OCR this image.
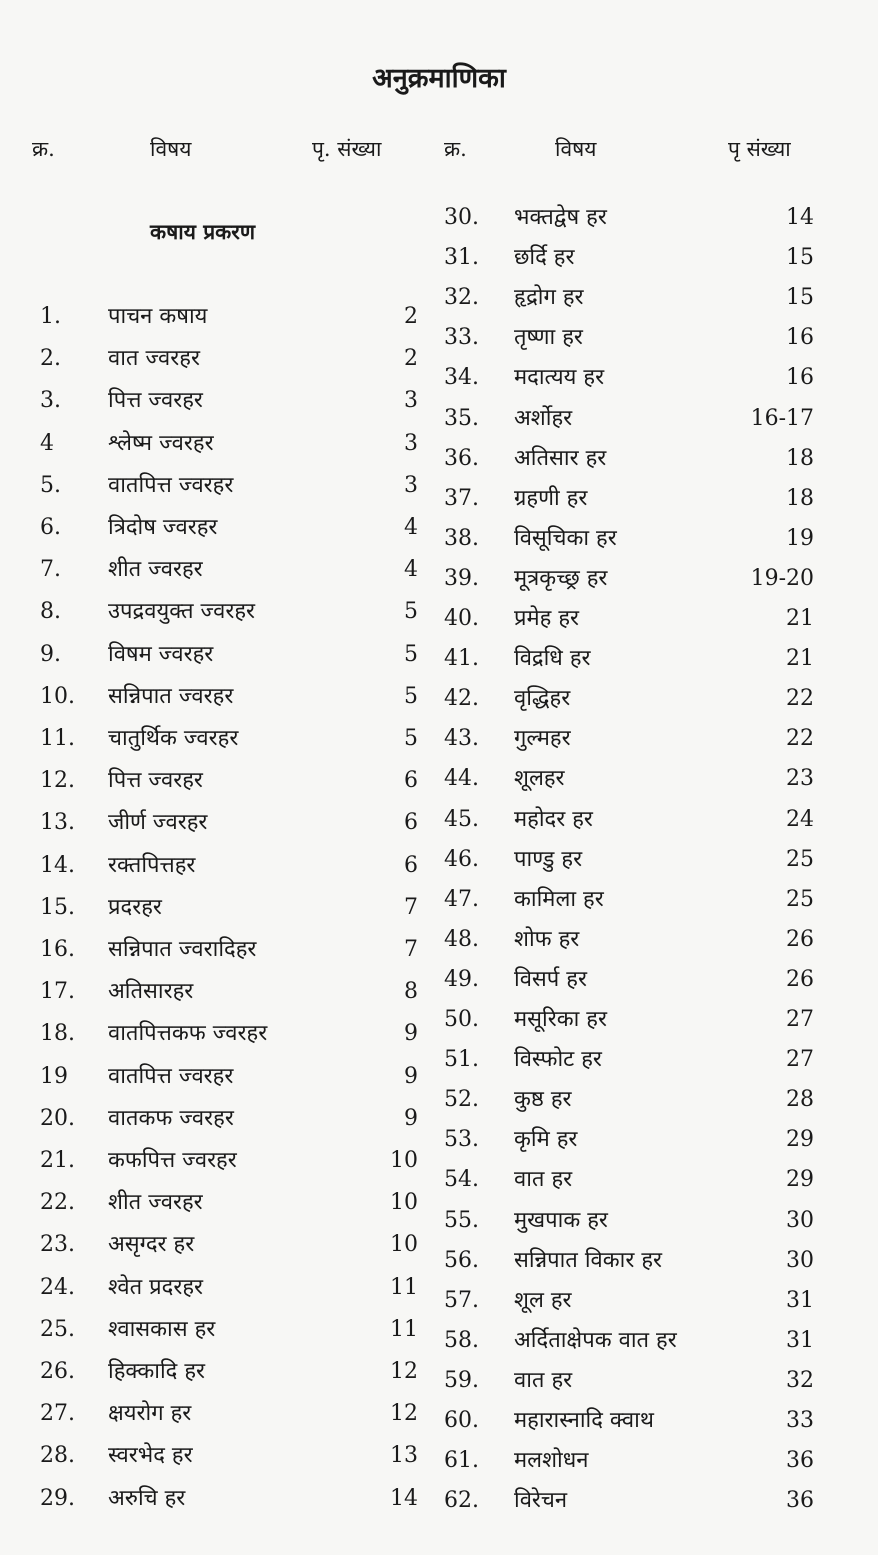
अनुक्रमाणिका
क्र.	विषय	पृ. संख्या	क्र.	विषय	पृ संख्या
कषाय प्रकरण
1. पाचन कषाय	2
2. वात ज्वरहर	2
3. पित्त ज्वरहर	3
4 श्लेष्म ज्वरहर	3
5. वातपित्त ज्वरहर	3
6. त्रिदोष ज्वरहर	4
7. शीत ज्वरहर	4
8. उपद्रवयुक्त ज्वरहर	5
9. विषम ज्वरहर	5
10. सन्निपात ज्वरहर	5
11. चातुर्थिक ज्वरहर	5
12. पित्त ज्वरहर	6
13. जीर्ण ज्वरहर	6
14. रक्तपित्तहर	6
15. प्रदरहर	7
16. सन्निपात ज्वरादिहर	7
17. अतिसारहर	8
18. वातपित्तकफ ज्वरहर	9
19 वातपित्त ज्वरहर	9
20. वातकफ ज्वरहर	9
21. कफपित्त ज्वरहर	10
22. शीत ज्वरहर	10
23. असृग्दर हर	10
24. श्वेत प्रदरहर	11
25. श्वासकास हर	11
26. हिक्कादि हर	12
27. क्षयरोग हर	12
28. स्वरभेद हर	13
29. अरुचि हर	14
30. भक्तद्वेष हर	14
31. छर्दि हर	15
32. हृद्रोग हर	15
33. तृष्णा हर	16
34. मदात्यय हर	16
35. अर्शोहर	16-17
36. अतिसार हर	18
37. ग्रहणी हर	18
38. विसूचिका हर	19
39. मूत्रकृच्छ्र हर	19-20
40. प्रमेह हर	21
41. विद्रधि हर	21
42. वृद्धिहर	22
43. गुल्महर	22
44. शूलहर	23
45. महोदर हर	24
46. पाण्डु हर	25
47. कामिला हर	25
48. शोफ हर	26
49. विसर्प हर	26
50. मसूरिका हर	27
51. विस्फोट हर	27
52. कुष्ठ हर	28
53. कृमि हर	29
54. वात हर	29
55. मुखपाक हर	30
56. सन्निपात विकार हर	30
57. शूल हर	31
58. अर्दिताक्षेपक वात हर	31
59. वात हर	32
60. महारास्नादि क्वाथ	33
61. मलशोधन	36
62. विरेचन	36
